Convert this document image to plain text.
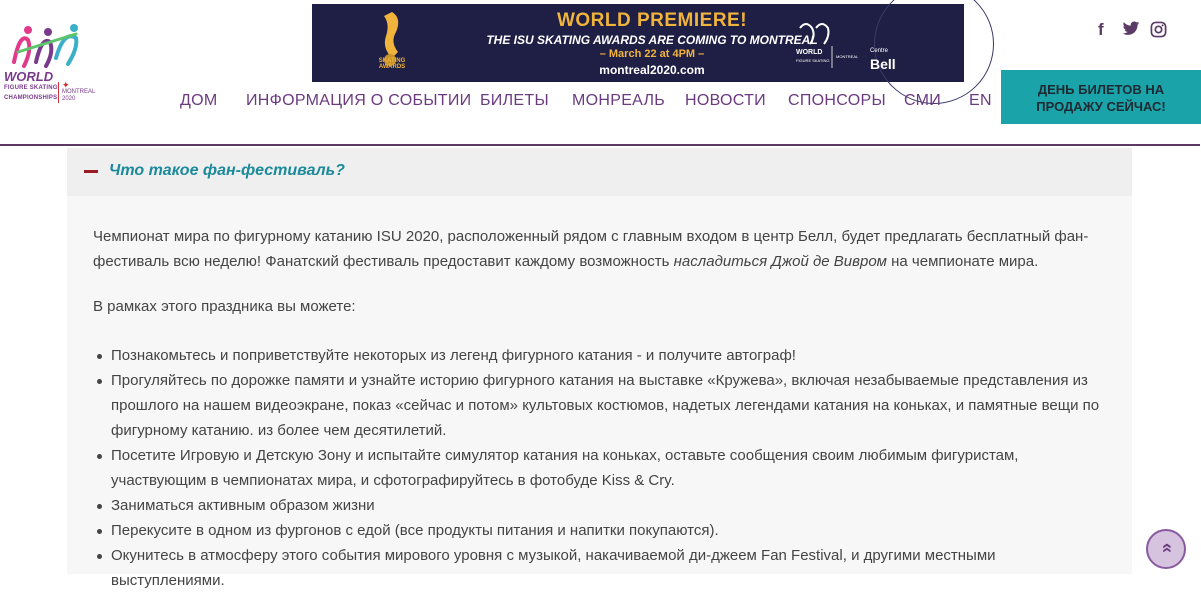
WORLD
FIGURE SKATING
CHAMPIONSHIPS
✦
MONTREAL
2020
SKATING AWARDS
WORLD PREMIERE!
THE ISU SKATING AWARDS ARE COMING TO MONTREAL
– March 22 at 4PM –
montreal2020.com
WORLD
FIGURE SKATING
MONTREAL
Centre
Bell
f
ДОМ ИНФОРМАЦИЯ О СОБЫТИИ БИЛЕТЫ МОНРЕАЛЬ НОВОСТИ СПОНСОРЫ СМИ EN
ДЕНЬ БИЛЕТОВ НА
ПРОДАЖУ СЕЙЧАС!
Что такое фан-фестиваль?
Чемпионат мира по фигурному катанию ISU 2020, расположенный рядом с главным входом в центр Белл, будет предлагать бесплатный фан-
фестиваль всю неделю! Фанатский фестиваль предоставит каждому возможность насладиться Джой де Вивром на чемпионате мира.
В рамках этого праздника вы можете:
Познакомьтесь и поприветствуйте некоторых из легенд фигурного катания - и получите автограф!
Прогуляйтесь по дорожке памяти и узнайте историю фигурного катания на выставке «Кружева», включая незабываемые представления из прошлого на нашем видеоэкране, показ «сейчас и потом» культовых костюмов, надетых легендами катания на коньках, и памятные вещи по фигурному катанию. из более чем десятилетий.
Посетите Игровую и Детскую Зону и испытайте симулятор катания на коньках, оставьте сообщения своим любимым фигуристам, участвующим в чемпионатах мира, и сфотографируйтесь в фотобуде Kiss & Cry.
Заниматься активным образом жизни
Перекусите в одном из фургонов с едой (все продукты питания и напитки покупаются).
Окунитесь в атмосферу этого события мирового уровня с музыкой, накачиваемой ди-джеем Fan Festival, и другими местными выступлениями.
»
